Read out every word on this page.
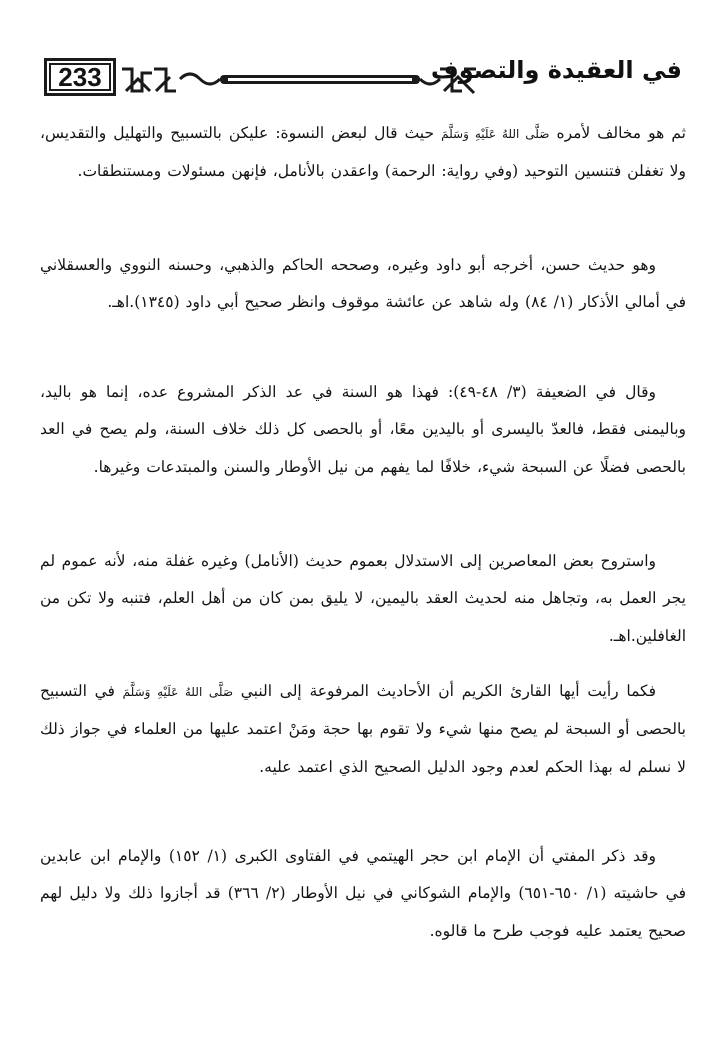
233	في العقيدة والتصوف
ثم هو مخالف لأمره صَلَّى اللهُ عَلَيْهِ وَسَلَّمَ حيث قال لبعض النسوة: عليكن بالتسبيح والتهليل والتقديس، ولا تغفلن فتنسين التوحيد (وفي رواية: الرحمة) واعقدن بالأنامل، فإنهن مسئولات ومستنطقات.
وهو حديث حسن، أخرجه أبو داود وغيره، وصححه الحاكم والذهبي، وحسنه النووي والعسقلاني في أمالي الأذكار (١/ ٨٤) وله شاهد عن عائشة موقوف وانظر صحيح أبي داود (١٣٤٥).اهـ.
وقال في الضعيفة (٣/ ٤٨-٤٩): فهذا هو السنة في عد الذكر المشروع عده، إنما هو باليد، وباليمنى فقط، فالعدّ باليسرى أو باليدين معًا، أو بالحصى كل ذلك خلاف السنة، ولم يصح في العد بالحصى فضلًا عن السبحة شيء، خلافًا لما يفهم من نيل الأوطار والسنن والمبتدعات وغيرها.
واستروح بعض المعاصرين إلى الاستدلال بعموم حديث (الأنامل) وغيره غفلة منه، لأنه عموم لم يجر العمل به، وتجاهل منه لحديث العقد باليمين، لا يليق بمن كان من أهل العلم، فتنبه ولا تكن من الغافلين.اهـ.
فكما رأيت أيها القارئ الكريم أن الأحاديث المرفوعة إلى النبي صَلَّى اللهُ عَلَيْهِ وَسَلَّمَ في التسبيح بالحصى أو السبحة لم يصح منها شيء ولا تقوم بها حجة ومَنْ اعتمد عليها من العلماء في جواز ذلك لا نسلم له بهذا الحكم لعدم وجود الدليل الصحيح الذي اعتمد عليه.
وقد ذكر المفتي أن الإمام ابن حجر الهيتمي في الفتاوى الكبرى (١/ ١٥٢) والإمام ابن عابدين في حاشيته (١/ ٦٥٠-٦٥١) والإمام الشوكاني في نيل الأوطار (٢/ ٣٦٦) قد أجازوا ذلك ولا دليل لهم صحيح يعتمد عليه فوجب طرح ما قالوه.
